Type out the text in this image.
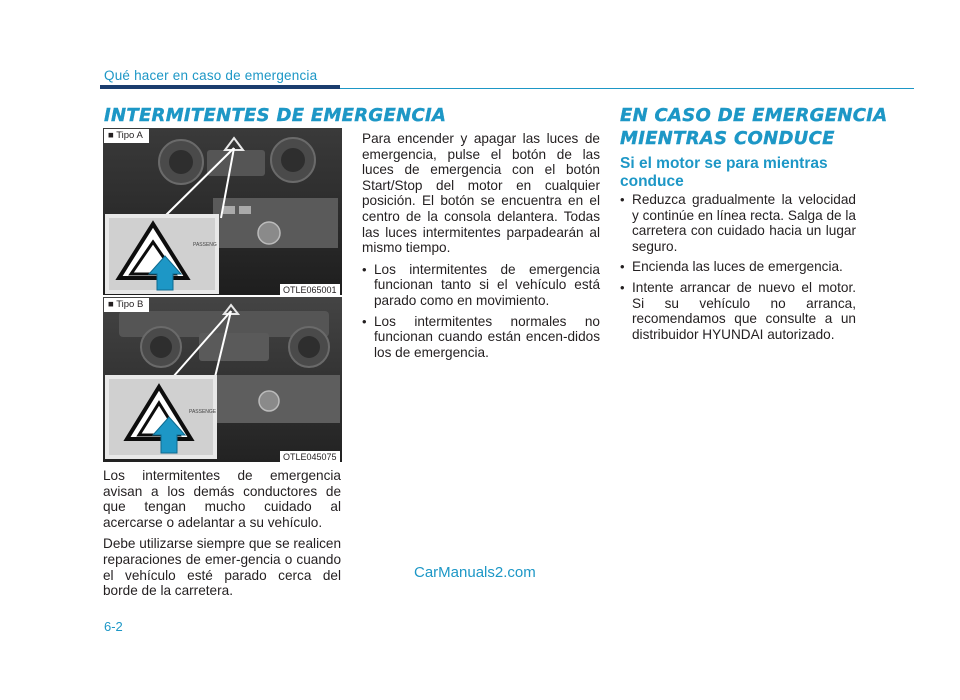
Qué hacer en caso de emergencia
INTERMITENTES DE EMERGENCIA
PASSENG
■ Tipo A
OTLE065001
PASSENGE
■ Tipo B
OTLE045075

Los intermitentes de emergencia avisan a los demás conductores de que tengan mucho cuidado al acercarse o adelantar a su vehículo.

Debe utilizarse siempre que se realicen reparaciones de emer-gencia o cuando el vehículo esté parado cerca del borde de la carretera.

Para encender y apagar las luces de emergencia, pulse el botón de las luces de emergencia con el botón Start/Stop del motor en cualquier posición. El botón se encuentra en el centro de la consola delantera. Todas las luces intermitentes parpadearán al mismo tiempo.

• Los intermitentes de emergencia funcionan tanto si el vehículo está parado como en movimiento.
• Los intermitentes normales no funcionan cuando están encen-didos los de emergencia.
EN CASO DE EMERGENCIA
MIENTRAS CONDUCE
Si el motor se para mientras conduce
• Reduzca gradualmente la velocidad y continúe en línea recta. Salga de la carretera con cuidado hacia un lugar seguro.
• Encienda las luces de emergencia.
• Intente arrancar de nuevo el motor. Si su vehículo no arranca, recomendamos que consulte a un distribuidor HYUNDAI autorizado.
CarManuals2.com
6-2
